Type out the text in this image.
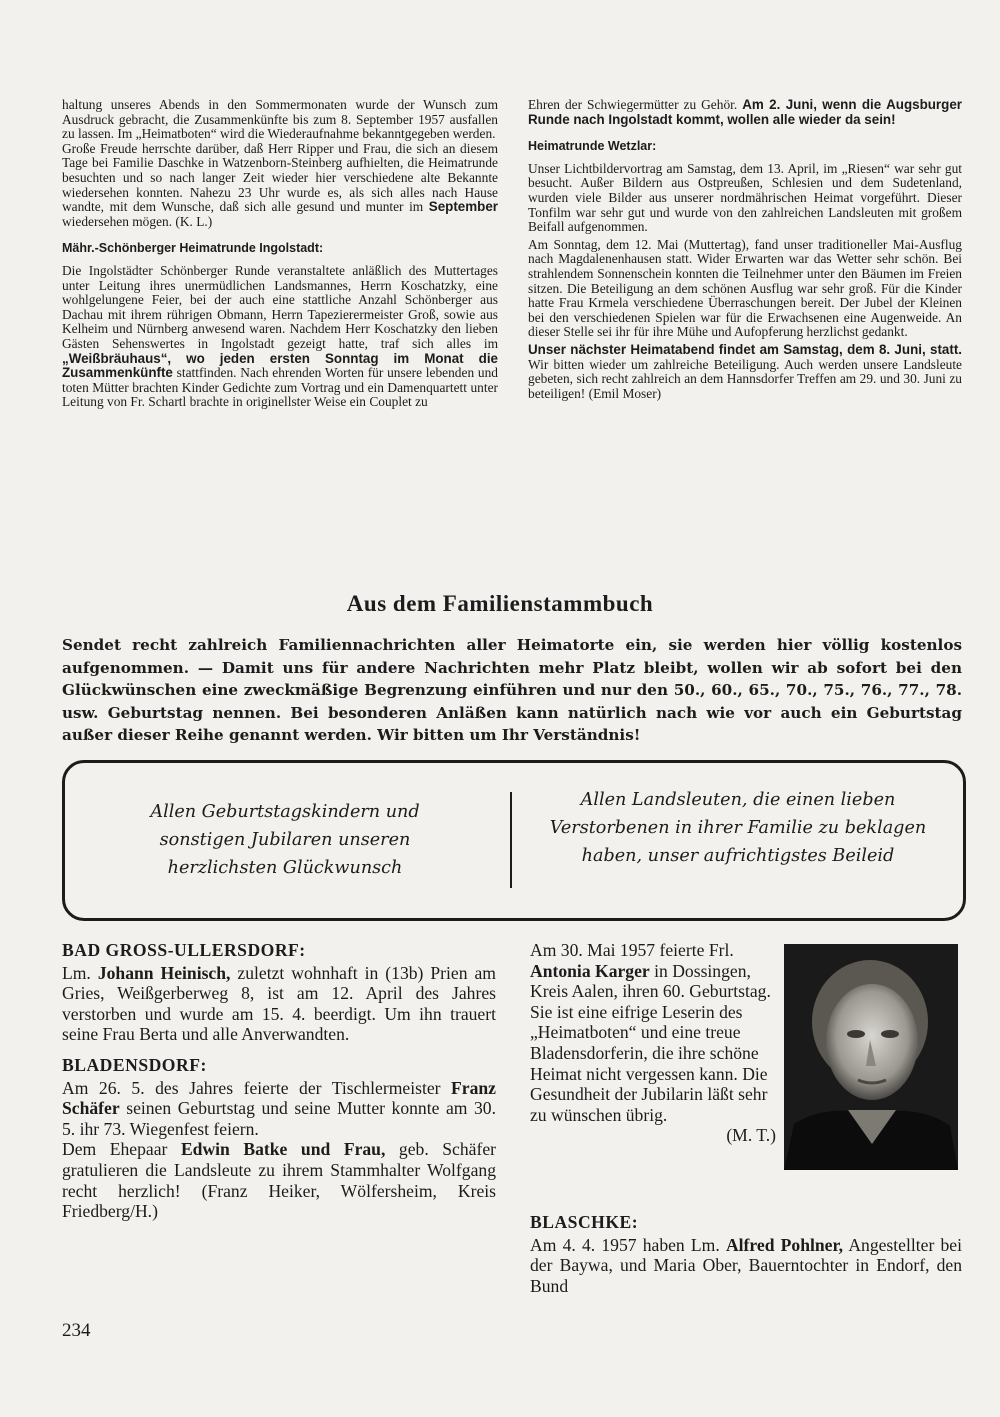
haltung unseres Abends in den Sommermonaten wurde der Wunsch zum Ausdruck gebracht, die Zusammenkünfte bis zum 8. September 1957 ausfallen zu lassen. Im „Heimatboten“ wird die Wiederaufnahme bekanntgegeben werden.

Große Freude herrschte darüber, daß Herr Ripper und Frau, die sich an diesem Tage bei Familie Daschke in Watzenborn-Steinberg aufhielten, die Heimatrunde besuchten und so nach langer Zeit wieder hier verschiedene alte Bekannte wiedersehen konnten. Nahezu 23 Uhr wurde es, als sich alles nach Hause wandte, mit dem Wunsche, daß sich alle gesund und munter im September wiedersehen mögen. (K. L.)

Mähr.-Schönberger Heimatrunde Ingolstadt:

Die Ingolstädter Schönberger Runde veranstaltete anläßlich des Muttertages unter Leitung ihres unermüdlichen Landsmannes, Herrn Koschatzky, eine wohlgelungene Feier, bei der auch eine stattliche Anzahl Schönberger aus Dachau mit ihrem rührigen Obmann, Herrn Tapezierermeister Groß, sowie aus Kelheim und Nürnberg anwesend waren. Nachdem Herr Koschatzky den lieben Gästen Sehenswertes in Ingolstadt gezeigt hatte, traf sich alles im „Weißbräuhaus“, wo jeden ersten Sonntag im Monat die Zusammenkünfte stattfinden. Nach ehrenden Worten für unsere lebenden und toten Mütter brachten Kinder Gedichte zum Vortrag und ein Damenquartett unter Leitung von Fr. Schartl brachte in originellster Weise ein Couplet zu

Ehren der Schwiegermütter zu Gehör. Am 2. Juni, wenn die Augsburger Runde nach Ingolstadt kommt, wollen alle wieder da sein!

Heimatrunde Wetzlar:

Unser Lichtbildervortrag am Samstag, dem 13. April, im „Riesen“ war sehr gut besucht. Außer Bildern aus Ostpreußen, Schlesien und dem Sudetenland, wurden viele Bilder aus unserer nordmährischen Heimat vorgeführt. Dieser Tonfilm war sehr gut und wurde von den zahlreichen Landsleuten mit großem Beifall aufgenommen.

Am Sonntag, dem 12. Mai (Muttertag), fand unser traditioneller Mai-Ausflug nach Magdalenenhausen statt. Wider Erwarten war das Wetter sehr schön. Bei strahlendem Sonnenschein konnten die Teilnehmer unter den Bäumen im Freien sitzen. Die Beteiligung an dem schönen Ausflug war sehr groß. Für die Kinder hatte Frau Krmela verschiedene Überraschungen bereit. Der Jubel der Kleinen bei den verschiedenen Spielen war für die Erwachsenen eine Augenweide. An dieser Stelle sei ihr für ihre Mühe und Aufopferung herzlichst gedankt.

Unser nächster Heimatabend findet am Samstag, dem 8. Juni, statt. Wir bitten wieder um zahlreiche Beteiligung. Auch werden unsere Landsleute gebeten, sich recht zahlreich an dem Hannsdorfer Treffen am 29. und 30. Juni zu beteiligen! (Emil Moser)

Aus dem Familienstammbuch
Sendet recht zahlreich Familiennachrichten aller Heimatorte ein, sie werden hier völlig kostenlos aufgenommen. — Damit uns für andere Nachrichten mehr Platz bleibt, wollen wir ab sofort bei den Glückwünschen eine zweckmäßige Begrenzung einführen und nur den 50., 60., 65., 70., 75., 76., 77., 78. usw. Geburtstag nennen. Bei besonderen Anläßen kann natürlich nach wie vor auch ein Geburtstag außer dieser Reihe genannt werden. Wir bitten um Ihr Verständnis!
Allen Geburtstagskindern und sonstigen Jubilaren unseren herzlichsten Glückwunsch
Allen Landsleuten, die einen lieben Verstorbenen in ihrer Familie zu beklagen haben, unser aufrichtigstes Beileid
BAD GROSS-ULLERSDORF:

Lm. Johann Heinisch, zuletzt wohnhaft in (13b) Prien am Gries, Weißgerberweg 8, ist am 12. April des Jahres verstorben und wurde am 15. 4. beerdigt. Um ihn trauert seine Frau Berta und alle Anverwandten.

BLADENSDORF:

Am 26. 5. des Jahres feierte der Tischlermeister Franz Schäfer seinen Geburtstag und seine Mutter konnte am 30. 5. ihr 73. Wiegenfest feiern.

Dem Ehepaar Edwin Batke und Frau, geb. Schäfer gratulieren die Landsleute zu ihrem Stammhalter Wolfgang recht herzlich! (Franz Heiker, Wölfersheim, Kreis Friedberg/H.)

Am 30. Mai 1957 feierte Frl. Antonia Karger in Dossingen, Kreis Aalen, ihren 60. Geburtstag. Sie ist eine eifrige Leserin des „Heimatboten“ und eine treue Bladensdorferin, die ihre schöne Heimat nicht vergessen kann. Die Gesundheit der Jubilarin läßt sehr zu wünschen übrig.

(M. T.)

BLASCHKE:

Am 4. 4. 1957 haben Lm. Alfred Pohlner, Angestellter bei der Baywa, und Maria Ober, Bauerntochter in Endorf, den Bund

234
